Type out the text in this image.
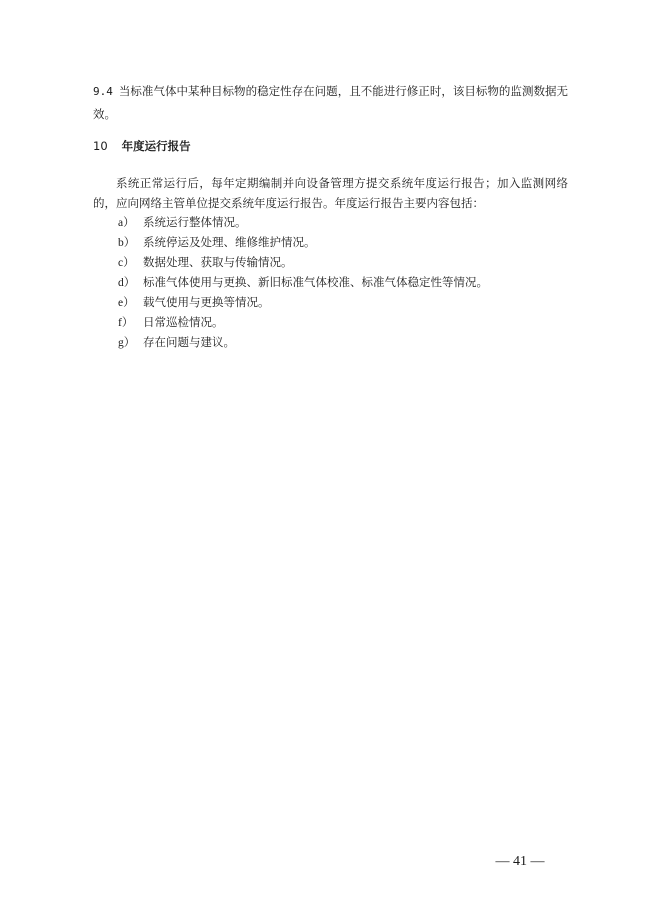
9.4 当标准气体中某种目标物的稳定性存在问题，且不能进行修正时，该目标物的监测数据无效。
10 年度运行报告
系统正常运行后，每年定期编制并向设备管理方提交系统年度运行报告；加入监测网络的，应向网络主管单位提交系统年度运行报告。年度运行报告主要内容包括：
a） 系统运行整体情况。
b） 系统停运及处理、维修维护情况。
c） 数据处理、获取与传输情况。
d） 标准气体使用与更换、新旧标准气体校准、标准气体稳定性等情况。
e） 载气使用与更换等情况。
f） 日常巡检情况。
g） 存在问题与建议。
— 41 —
